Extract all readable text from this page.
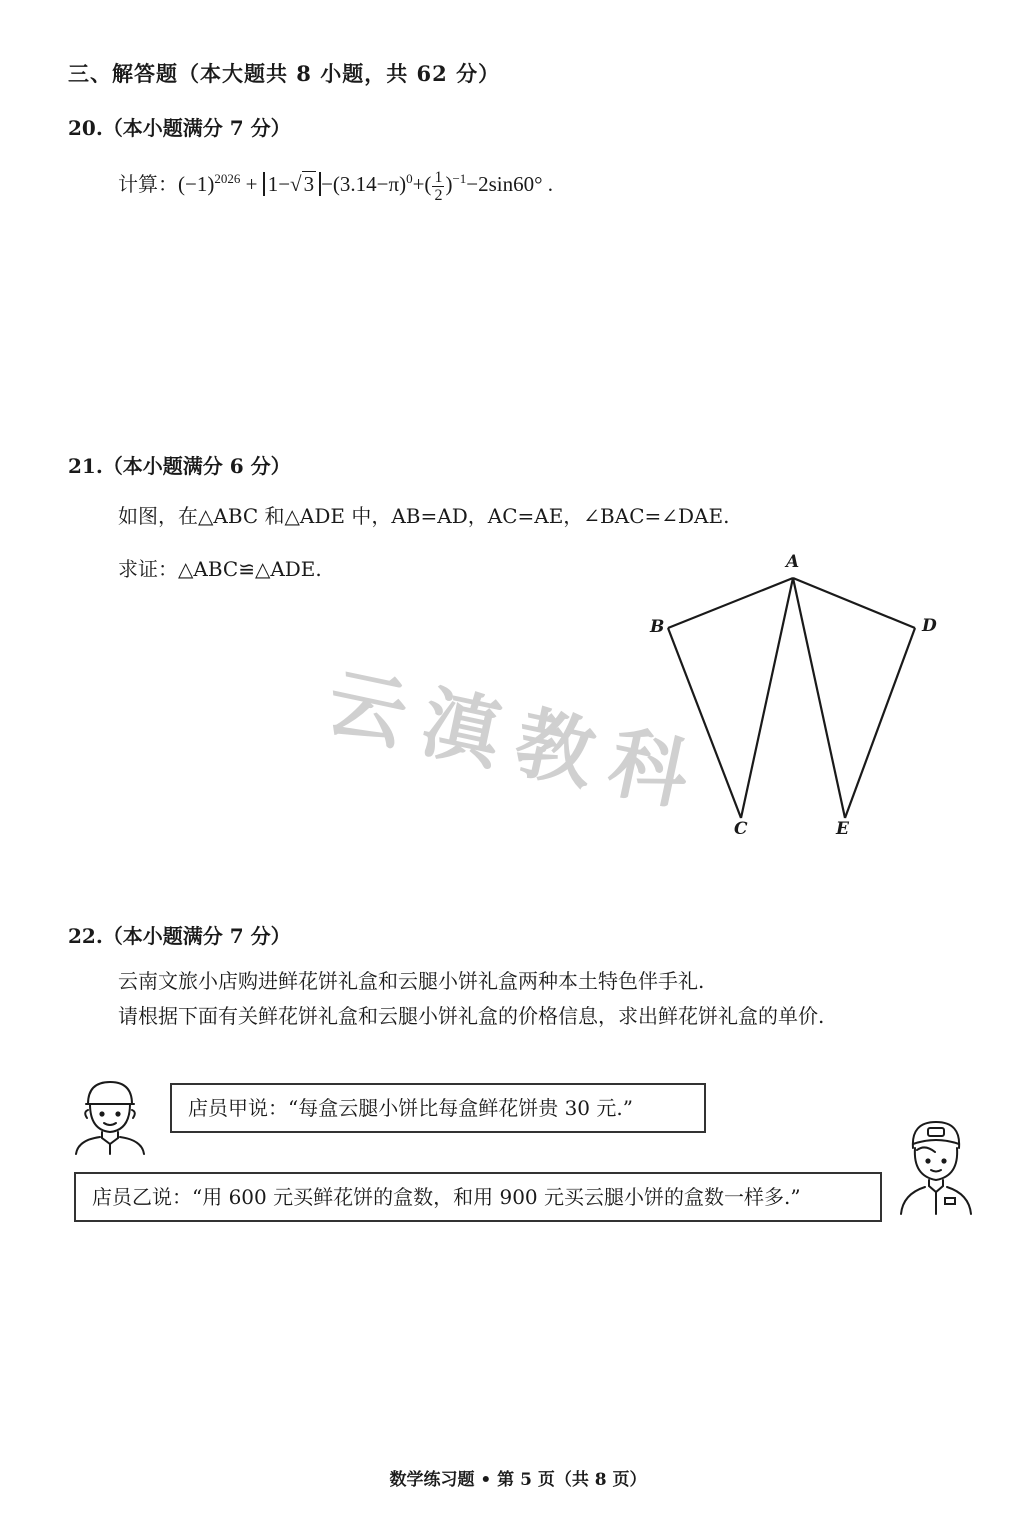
三、解答题（本大题共 8 小题，共 62 分）
20.（本小题满分 7 分）
计算：$(-1)^{2026} + 1-√3 -(3.14-\pi)^0+( \frac{1}{2} )^{-1}-2\sin 60^\circ$ .
21.（本小题满分 6 分）
如图，在△ABC 和△ADE 中，AB=AD，AC=AE，∠BAC=∠DAE.
求证：△ABC≌△ADE.	A
B
C
D
E
云滇教科
22.（本小题满分 7 分）
云南文旅小店购进鲜花饼礼盒和云腿小饼礼盒两种本土特色伴手礼.
请根据下面有关鲜花饼礼盒和云腿小饼礼盒的价格信息，求出鲜花饼礼盒的单价.
店员甲说：“每盒云腿小饼比每盒鲜花饼贵 30 元.”
店员乙说：“用 600 元买鲜花饼的盒数，和用 900 元买云腿小饼的盒数一样多.”
数学练习题 • 第 5 页（共 8 页）
